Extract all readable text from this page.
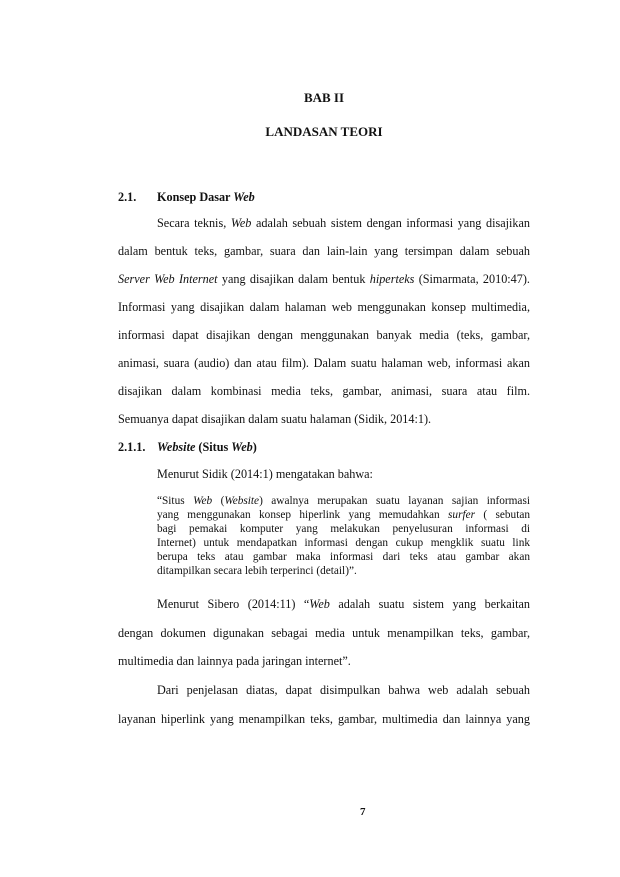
BAB II
LANDASAN TEORI
2.1. Konsep Dasar Web
Secara teknis, Web adalah sebuah sistem dengan informasi yang disajikan
dalam bentuk teks, gambar, suara dan lain-lain yang tersimpan dalam sebuah
Server Web Internet yang disajikan dalam bentuk hiperteks (Simarmata, 2010:47).
Informasi yang disajikan dalam halaman web menggunakan konsep multimedia,
informasi dapat disajikan dengan menggunakan banyak media (teks, gambar,
animasi, suara (audio) dan atau film). Dalam suatu halaman web, informasi akan
disajikan dalam kombinasi media teks, gambar, animasi, suara atau film.
Semuanya dapat disajikan dalam suatu halaman (Sidik, 2014:1).
2.1.1. Website (Situs Web)
Menurut Sidik (2014:1) mengatakan bahwa:
“Situs Web (Website) awalnya merupakan suatu layanan sajian informasi
yang menggunakan konsep hiperlink yang memudahkan surfer ( sebutan
bagi pemakai komputer yang melakukan penyelusuran informasi di
Internet) untuk mendapatkan informasi dengan cukup mengklik suatu link
berupa teks atau gambar maka informasi dari teks atau gambar akan
ditampilkan secara lebih terperinci (detail)”.
Menurut Sibero (2014:11) “Web adalah suatu sistem yang berkaitan
dengan dokumen digunakan sebagai media untuk menampilkan teks, gambar,
multimedia dan lainnya pada jaringan internet”.
Dari penjelasan diatas, dapat disimpulkan bahwa web adalah sebuah
layanan hiperlink yang menampilkan teks, gambar, multimedia dan lainnya yang
7
